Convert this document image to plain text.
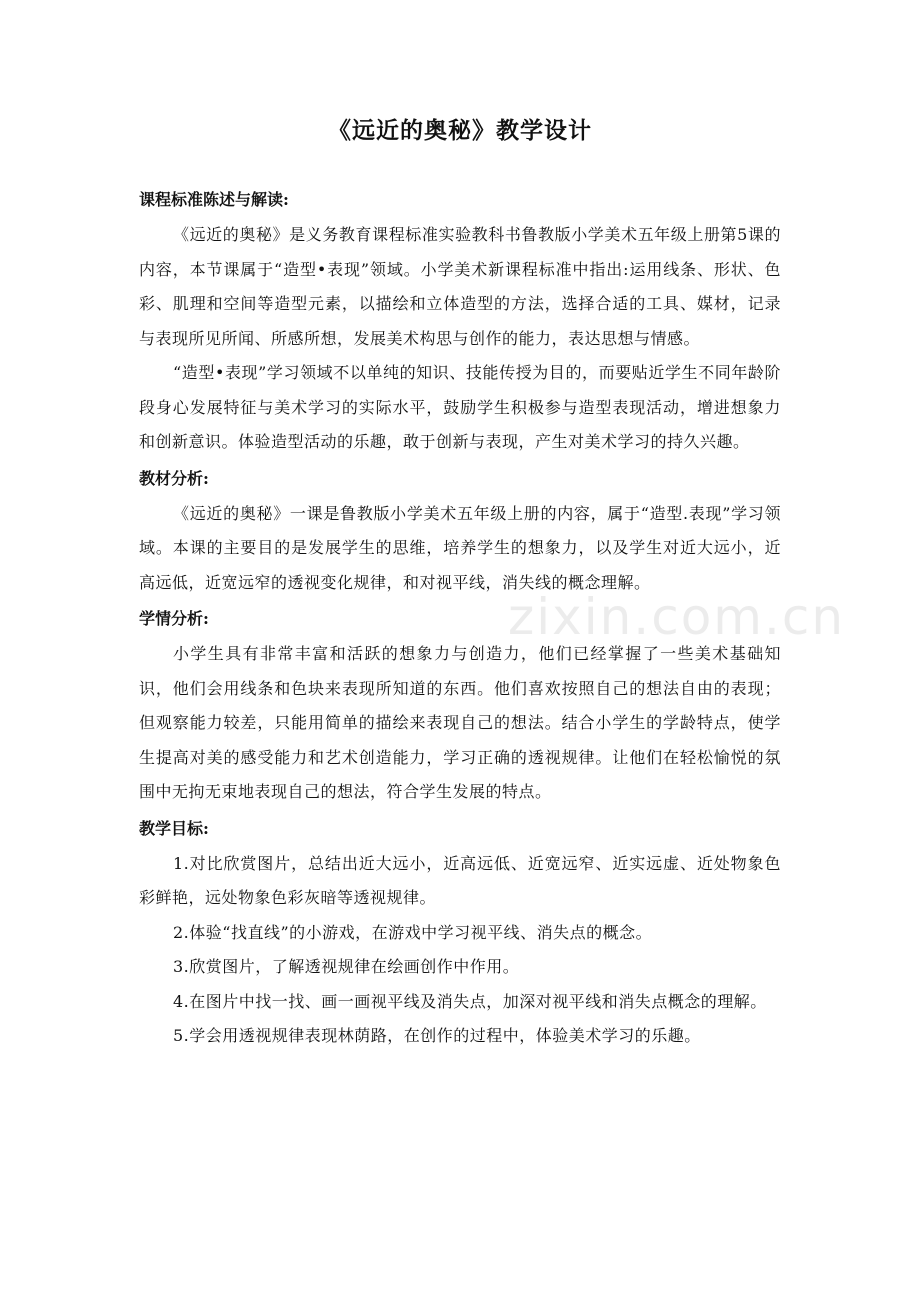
zixin.com.cn
《远近的奥秘》教学设计

课程标准陈述与解读:

《远近的奥秘》是义务教育课程标准实验教科书鲁教版小学美术五年级上册第5课的内容，本节课属于“造型•表现”领域。小学美术新课程标准中指出:运用线条、形状、色彩、肌理和空间等造型元素，以描绘和立体造型的方法，选择合适的工具、媒材，记录与表现所见所闻、所感所想，发展美术构思与创作的能力，表达思想与情感。

“造型•表现”学习领域不以单纯的知识、技能传授为目的，而要贴近学生不同年龄阶段身心发展特征与美术学习的实际水平，鼓励学生积极参与造型表现活动，增进想象力和创新意识。体验造型活动的乐趣，敢于创新与表现，产生对美术学习的持久兴趣。

教材分析:

《远近的奥秘》一课是鲁教版小学美术五年级上册的内容，属于“造型.表现”学习领域。本课的主要目的是发展学生的思维，培养学生的想象力，以及学生对近大远小，近高远低，近宽远窄的透视变化规律，和对视平线，消失线的概念理解。

学情分析:

小学生具有非常丰富和活跃的想象力与创造力，他们已经掌握了一些美术基础知识，他们会用线条和色块来表现所知道的东西。他们喜欢按照自己的想法自由的表现；但观察能力较差，只能用简单的描绘来表现自己的想法。结合小学生的学龄特点，使学生提高对美的感受能力和艺术创造能力，学习正确的透视规律。让他们在轻松愉悦的氛围中无拘无束地表现自己的想法，符合学生发展的特点。

教学目标:

1.对比欣赏图片，总结出近大远小，近高远低、近宽远窄、近实远虚、近处物象色彩鲜艳，远处物象色彩灰暗等透视规律。

2.体验“找直线”的小游戏，在游戏中学习视平线、消失点的概念。

3.欣赏图片，了解透视规律在绘画创作中作用。

4.在图片中找一找、画一画视平线及消失点，加深对视平线和消失点概念的理解。

5.学会用透视规律表现林荫路，在创作的过程中，体验美术学习的乐趣。
